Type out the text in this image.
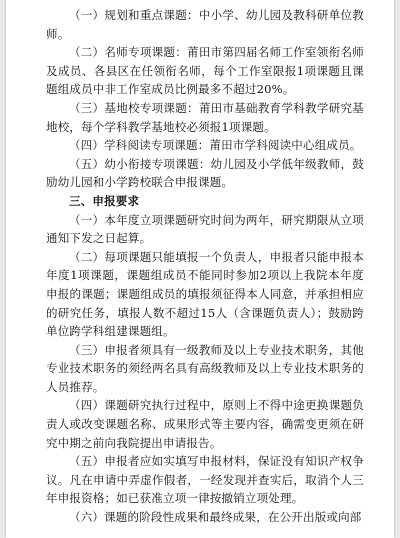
（一）规划和重点课题：中小学、幼儿园及教科研单位教师。

（二）名师专项课题：莆田市第四届名师工作室领衔名师及成员、各县区在任领衔名师，每个工作室限报1项课题且课题组成员中非工作室成员比例最多不超过20%。

（三）基地校专项课题：莆田市基础教育学科教学研究基地校，每个学科教学基地校必须报1项课题。

（四）学科阅读专项课题：莆田市学科阅读中心组成员。

（五）幼小衔接专项课题：幼儿园及小学低年级教师，鼓励幼儿园和小学跨校联合申报课题。

三、申报要求

（一）本年度立项课题研究时间为两年，研究期限从立项通知下发之日起算。

（二）每项课题只能填报一个负责人，申报者只能申报本年度1项课题，课题组成员不能同时参加2项以上我院本年度申报的课题；课题组成员的填报须征得本人同意，并承担相应的研究任务，填报人数不超过15人（含课题负责人）；鼓励跨单位跨学科组建课题组。

（三）申报者须具有一级教师及以上专业技术职务，其他专业技术职务的须经两名具有高级教师及以上专业技术职务的人员推荐。

（四）课题研究执行过程中，原则上不得中途更换课题负责人或改变课题名称、成果形式等主要内容，确需变更须在研究中期之前向我院提出申请报告。

（五）申报者应如实填写申报材料，保证没有知识产权争议。凡在申请中弄虚作假者，一经发现并查实后，取消个人三年申报资格；如已获准立项一律按撤销立项处理。

（六）课题的阶段性成果和最终成果，在公开出版或向部
